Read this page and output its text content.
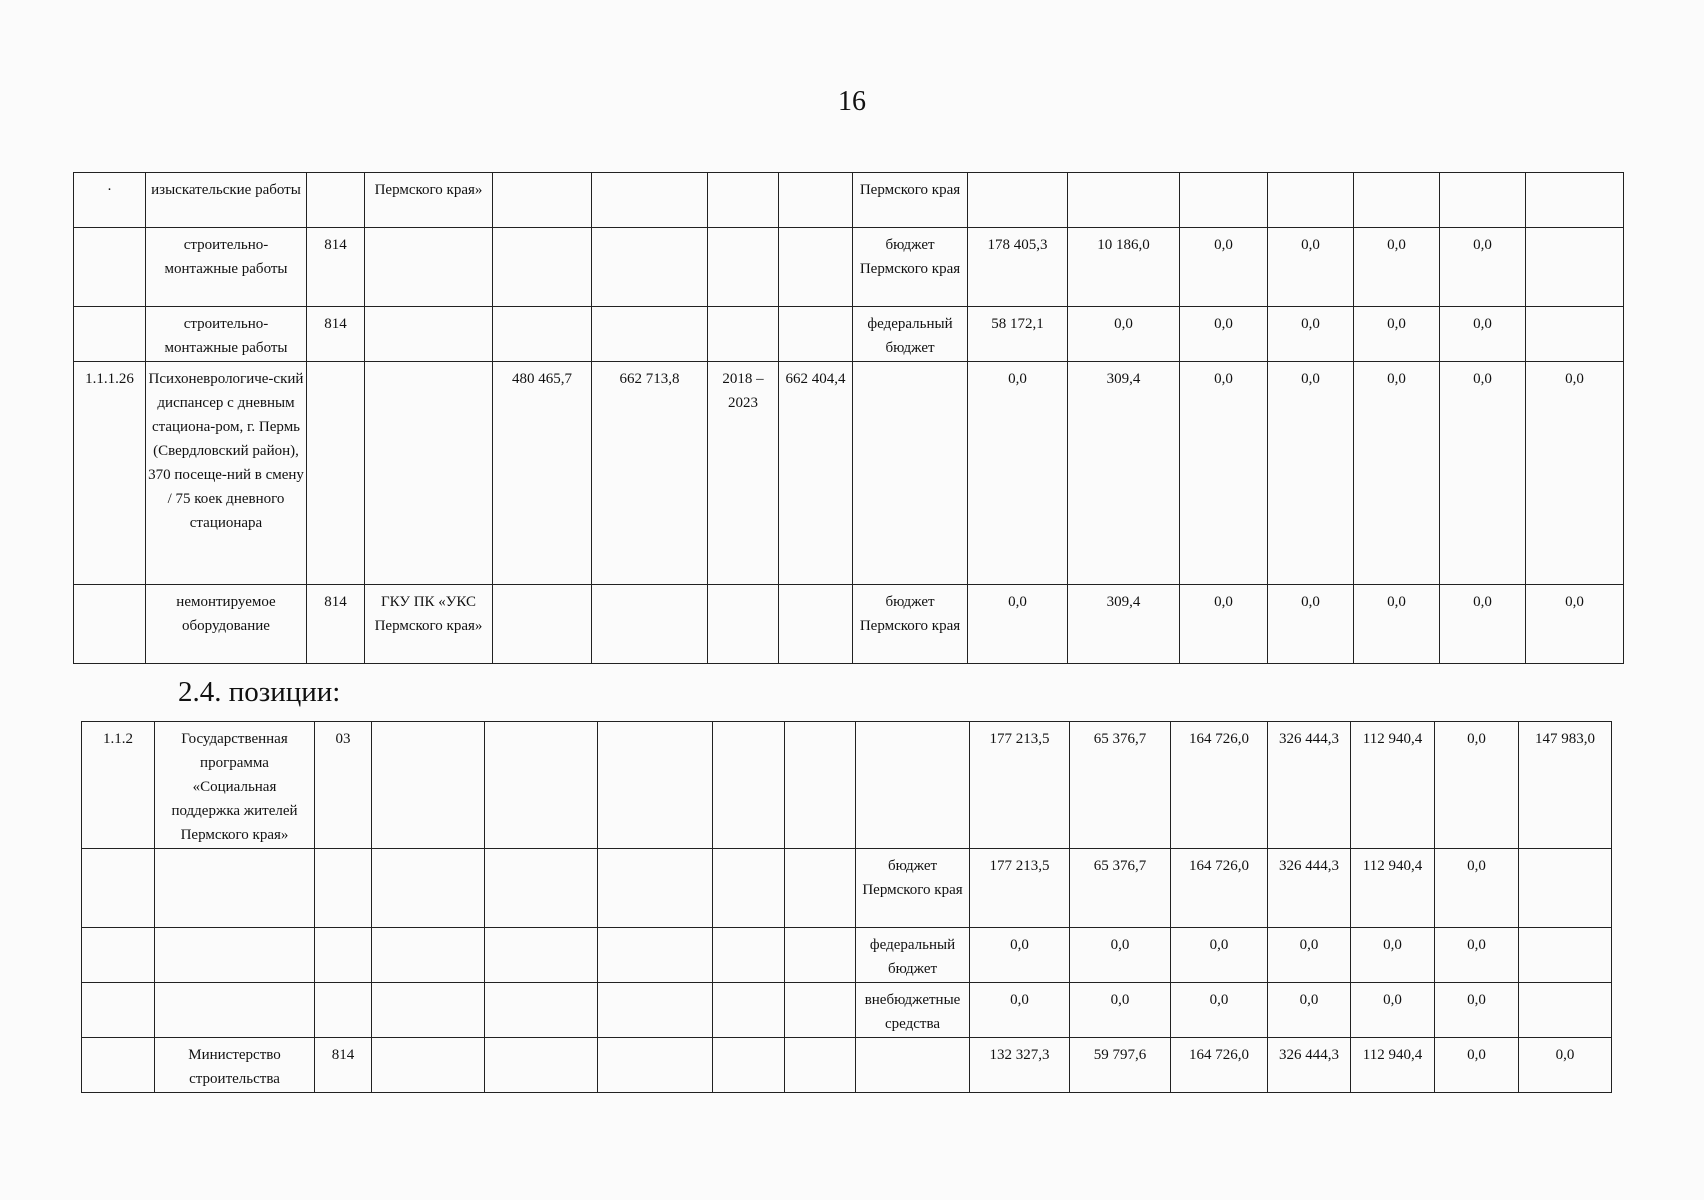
16
·	изыскательские работы		Пермского края»					Пермского края							
	строительно-монтажные работы	814						бюджет Пермского края	178 405,3	10 186,0	0,0	0,0	0,0	0,0	
	строительно-монтажные работы	814						федеральный бюджет	58 172,1	0,0	0,0	0,0	0,0	0,0	
1.1.1.26	Психоневрологиче-ский диспансер с дневным стациона-ром, г. Пермь (Свердловский район), 370 посеще-ний в смену / 75 коек дневного стационара			480 465,7	662 713,8	2018 – 2023	662 404,4		0,0	309,4	0,0	0,0	0,0	0,0	0,0
	немонтируемое оборудование	814	ГКУ ПК «УКС Пермского края»					бюджет Пермского края	0,0	309,4	0,0	0,0	0,0	0,0	0,0
2.4. позиции:
1.1.2	Государственная программа «Социальная поддержка жителей Пермского края»	03							177 213,5	65 376,7	164 726,0	326 444,3	112 940,4	0,0	147 983,0
								бюджет Пермского края	177 213,5	65 376,7	164 726,0	326 444,3	112 940,4	0,0	
								федеральный бюджет	0,0	0,0	0,0	0,0	0,0	0,0	
								внебюджетные средства	0,0	0,0	0,0	0,0	0,0	0,0	
	Министерство строительства	814							132 327,3	59 797,6	164 726,0	326 444,3	112 940,4	0,0	0,0
